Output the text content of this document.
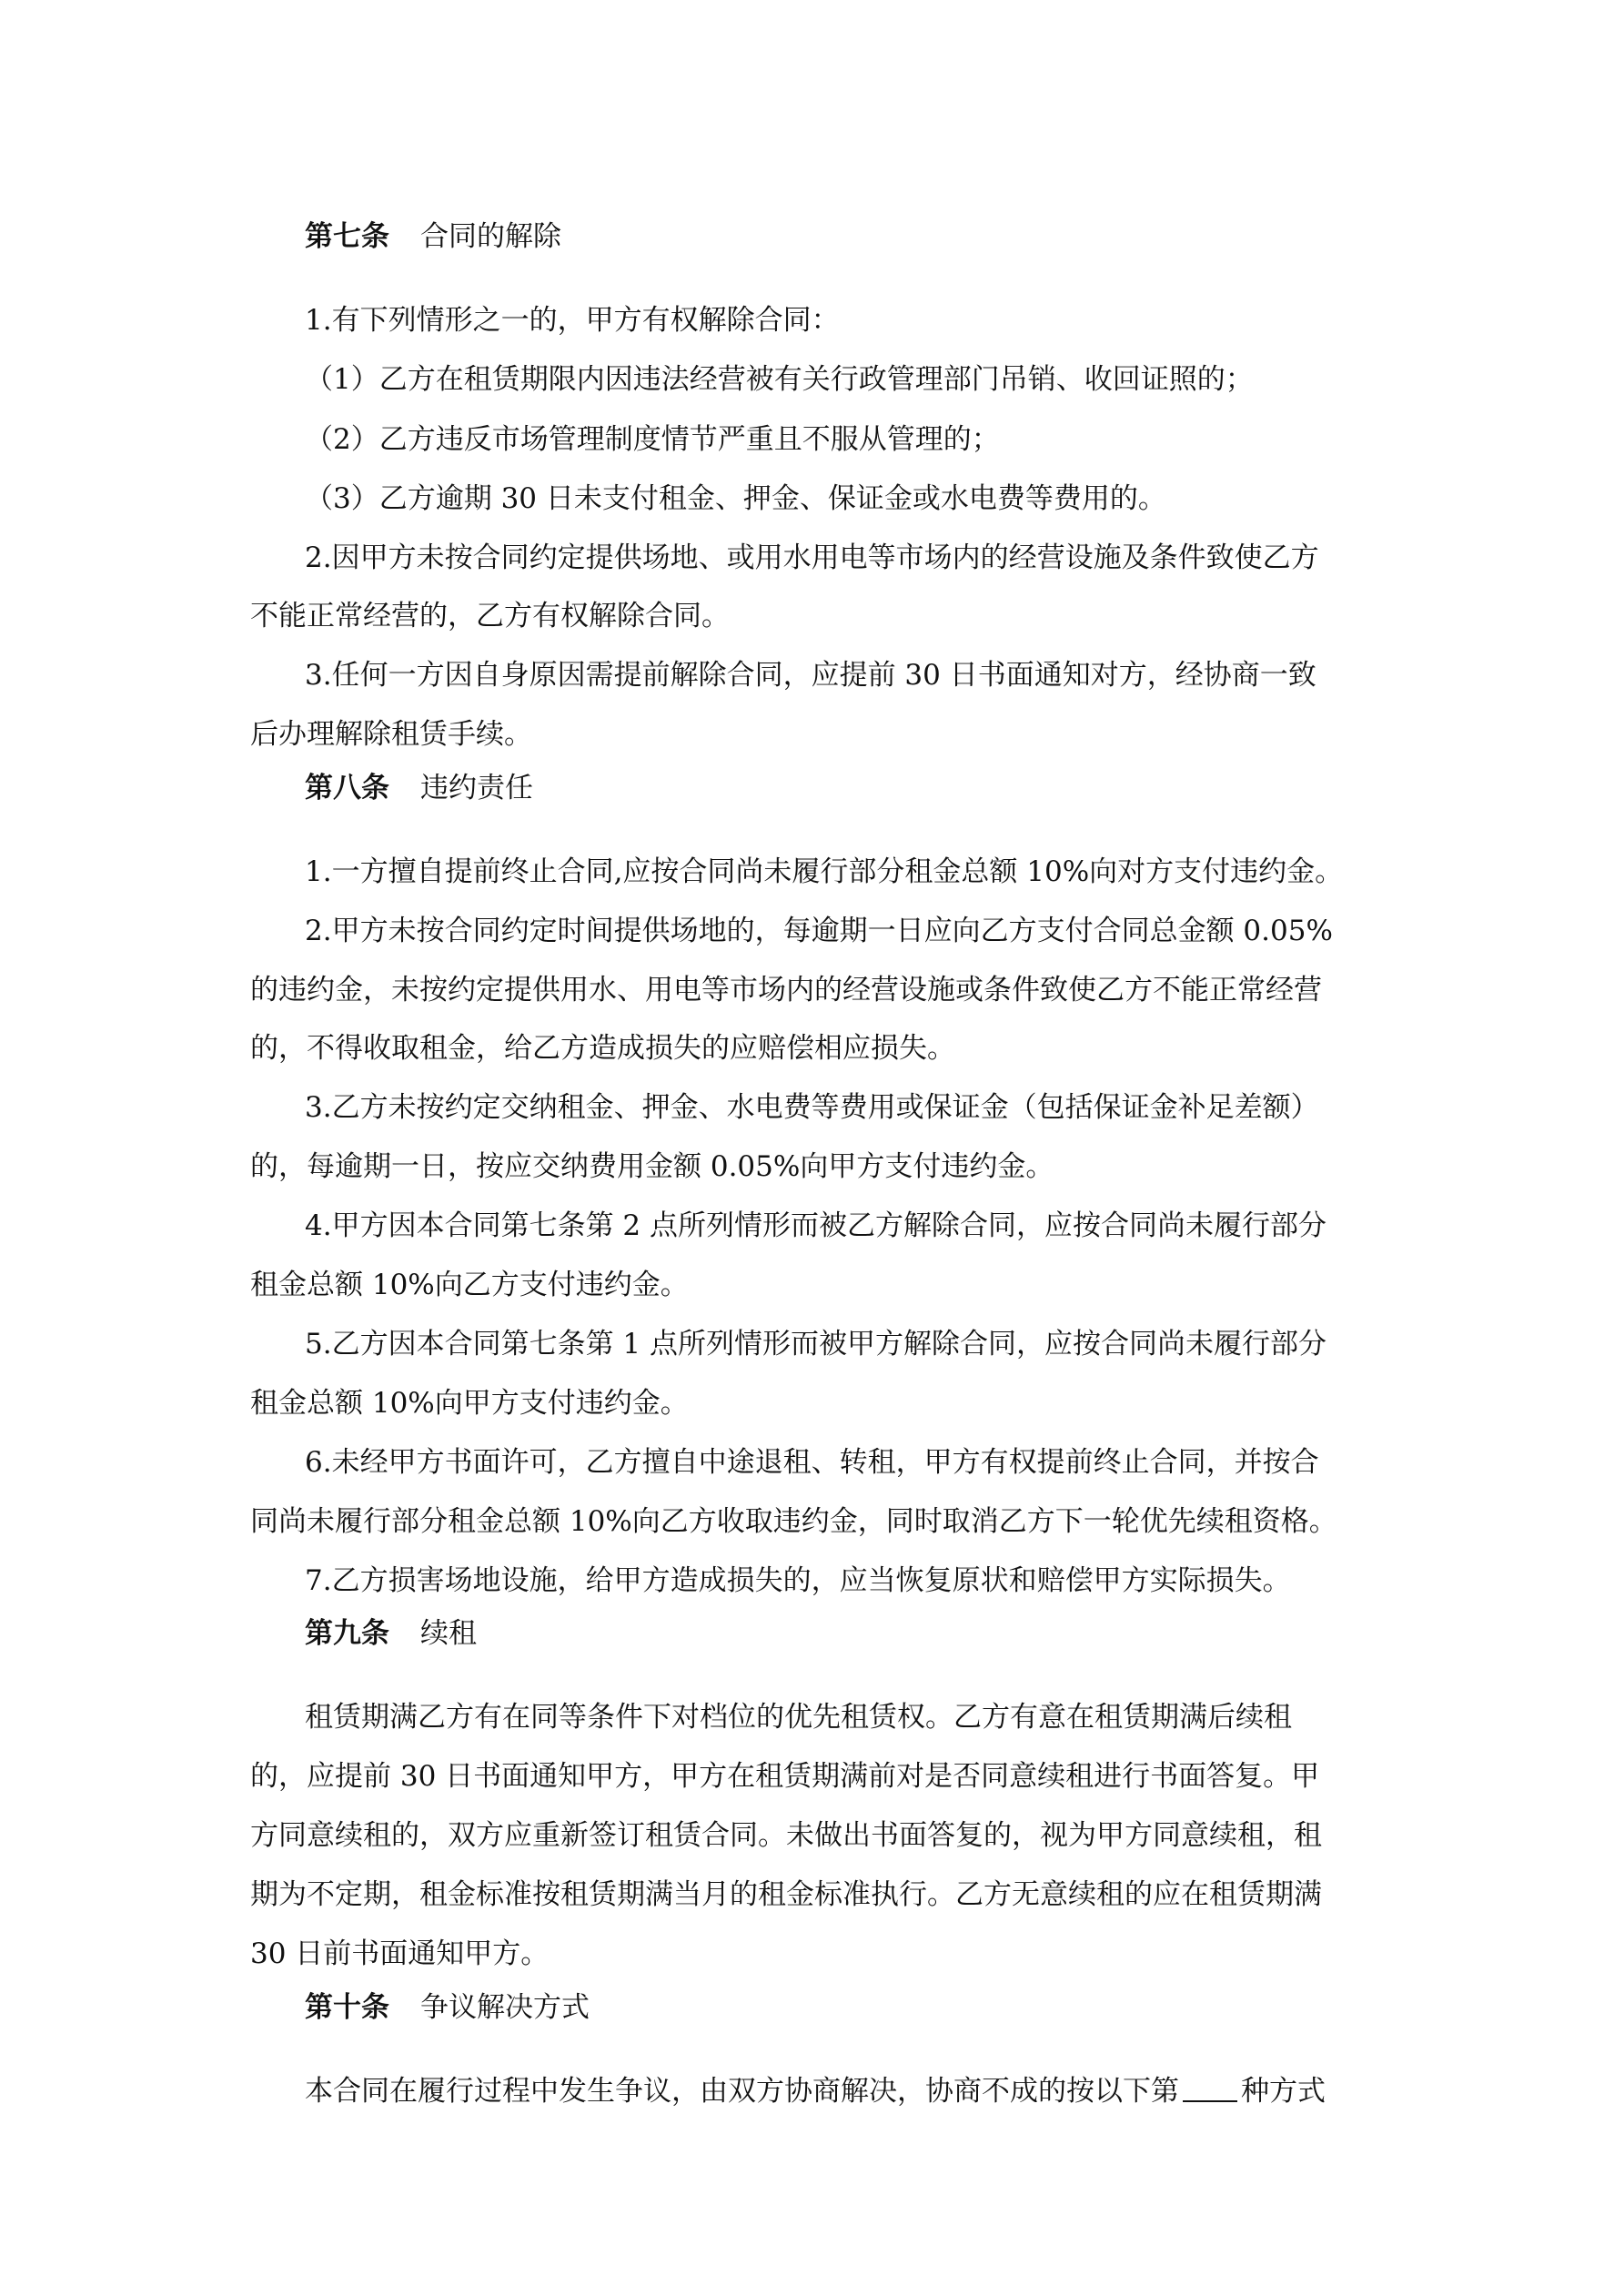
第七条 合同的解除
1.有下列情形之一的，甲方有权解除合同：
（1）乙方在租赁期限内因违法经营被有关行政管理部门吊销、收回证照的；
（2）乙方违反市场管理制度情节严重且不服从管理的；
（3）乙方逾期 30 日未支付租金、押金、保证金或水电费等费用的。
2.因甲方未按合同约定提供场地、或用水用电等市场内的经营设施及条件致使乙方
不能正常经营的，乙方有权解除合同。
3.任何一方因自身原因需提前解除合同，应提前 30 日书面通知对方，经协商一致
后办理解除租赁手续。
第八条 违约责任
1.一方擅自提前终止合同,应按合同尚未履行部分租金总额 10%向对方支付违约金。
2.甲方未按合同约定时间提供场地的，每逾期一日应向乙方支付合同总金额 0.05%
的违约金，未按约定提供用水、用电等市场内的经营设施或条件致使乙方不能正常经营
的，不得收取租金，给乙方造成损失的应赔偿相应损失。
3.乙方未按约定交纳租金、押金、水电费等费用或保证金（包括保证金补足差额）
的，每逾期一日，按应交纳费用金额 0.05%向甲方支付违约金。
4.甲方因本合同第七条第 2 点所列情形而被乙方解除合同，应按合同尚未履行部分
租金总额 10%向乙方支付违约金。
5.乙方因本合同第七条第 1 点所列情形而被甲方解除合同，应按合同尚未履行部分
租金总额 10%向甲方支付违约金。
6.未经甲方书面许可，乙方擅自中途退租、转租，甲方有权提前终止合同，并按合
同尚未履行部分租金总额 10%向乙方收取违约金，同时取消乙方下一轮优先续租资格。
7.乙方损害场地设施，给甲方造成损失的，应当恢复原状和赔偿甲方实际损失。
第九条 续租
租赁期满乙方有在同等条件下对档位的优先租赁权。乙方有意在租赁期满后续租
的，应提前 30 日书面通知甲方，甲方在租赁期满前对是否同意续租进行书面答复。甲
方同意续租的，双方应重新签订租赁合同。未做出书面答复的，视为甲方同意续租，租
期为不定期，租金标准按租赁期满当月的租金标准执行。乙方无意续租的应在租赁期满
30 日前书面通知甲方。
第十条 争议解决方式
本合同在履行过程中发生争议，由双方协商解决，协商不成的按以下第 种方式
